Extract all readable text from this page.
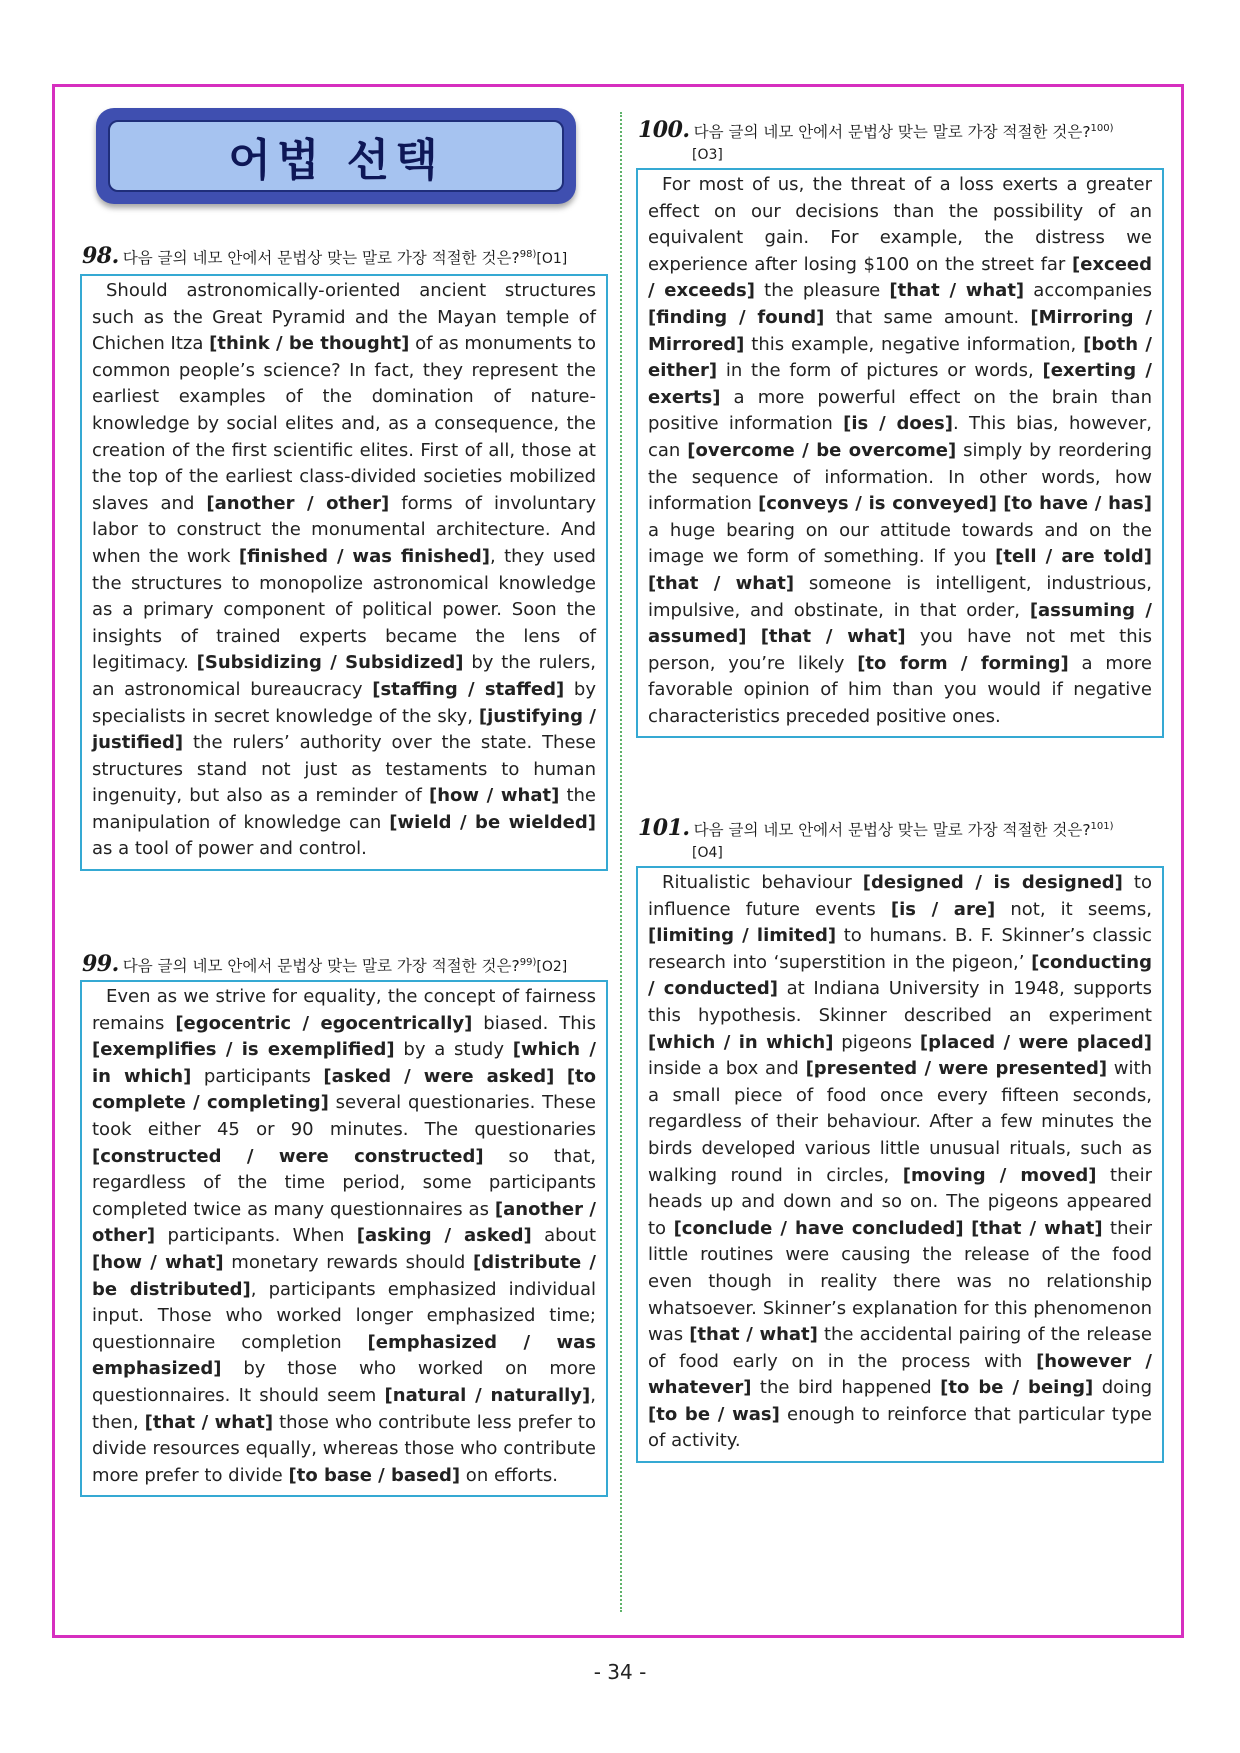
어법 선택
98. 다음 글의 네모 안에서 문법상 맞는 말로 가장 적절한 것은?$^{98)}$[O1]
Should astronomically-oriented ancient structures such as the Great Pyramid and the Mayan temple of Chichen Itza [think / be thought] of as monuments to common people’s science? In fact, they represent the earliest examples of the domination of nature-knowledge by social elites and, as a consequence, the creation of the first scientific elites. First of all, those at the top of the earliest class-divided societies mobilized slaves and [another / other] forms of involuntary labor to construct the monumental architecture. And when the work [finished / was finished], they used the structures to monopolize astronomical knowledge as a primary component of political power. Soon the insights of trained experts became the lens of legitimacy. [Subsidizing / Subsidized] by the rulers, an astronomical bureaucracy [staffing / staffed] by specialists in secret knowledge of the sky, [justifying / justified] the rulers’ authority over the state. These structures stand not just as testaments to human ingenuity, but also as a reminder of [how / what] the manipulation of knowledge can [wield / be wielded] as a tool of power and control.
99. 다음 글의 네모 안에서 문법상 맞는 말로 가장 적절한 것은?$^{99)}$[O2]
Even as we strive for equality, the concept of fairness remains [egocentric / egocentrically] biased. This [exemplifies / is exemplified] by a study [which / in which] participants [asked / were asked] [to complete / completing] several questionaries. These took either 45 or 90 minutes. The questionaries [constructed / were constructed] so that, regardless of the time period, some participants completed twice as many questionnaires as [another / other] participants. When [asking / asked] about [how / what] monetary rewards should [distribute / be distributed], participants emphasized individual input. Those who worked longer emphasized time; questionnaire completion [emphasized / was emphasized] by those who worked on more questionnaires. It should seem [natural / naturally], then, [that / what] those who contribute less prefer to divide resources equally, whereas those who contribute more prefer to divide [to base / based] on efforts.
100. 다음 글의 네모 안에서 문법상 맞는 말로 가장 적절한 것은?$^{100)}$
[O3]
For most of us, the threat of a loss exerts a greater effect on our decisions than the possibility of an equivalent gain. For example, the distress we experience after losing $100 on the street far [exceed / exceeds] the pleasure [that / what] accompanies [finding / found] that same amount. [Mirroring / Mirrored] this example, negative information, [both / either] in the form of pictures or words, [exerting / exerts] a more powerful effect on the brain than positive information [is / does]. This bias, however, can [overcome / be overcome] simply by reordering the sequence of information. In other words, how information [conveys / is conveyed] [to have / has] a huge bearing on our attitude towards and on the image we form of something. If you [tell / are told] [that / what] someone is intelligent, industrious, impulsive, and obstinate, in that order, [assuming / assumed] [that / what] you have not met this person, you’re likely [to form / forming] a more favorable opinion of him than you would if negative characteristics preceded positive ones.
101. 다음 글의 네모 안에서 문법상 맞는 말로 가장 적절한 것은?$^{101)}$
[O4]
Ritualistic behaviour [designed / is designed] to influence future events [is / are] not, it seems, [limiting / limited] to humans. B. F. Skinner’s classic research into ‘superstition in the pigeon,’ [conducting / conducted] at Indiana University in 1948, supports this hypothesis. Skinner described an experiment [which / in which] pigeons [placed / were placed] inside a box and [presented / were presented] with a small piece of food once every fifteen seconds, regardless of their behaviour. After a few minutes the birds developed various little unusual rituals, such as walking round in circles, [moving / moved] their heads up and down and so on. The pigeons appeared to [conclude / have concluded] [that / what] their little routines were causing the release of the food even though in reality there was no relationship whatsoever. Skinner’s explanation for this phenomenon was [that / what] the accidental pairing of the release of food early on in the process with [however / whatever] the bird happened [to be / being] doing [to be / was] enough to reinforce that particular type of activity.
- 34 -
